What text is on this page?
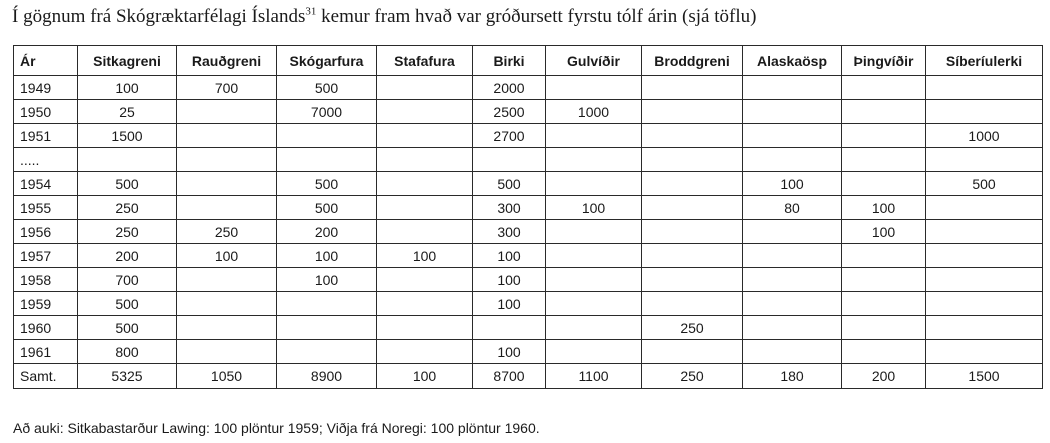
Í gögnum frá Skógræktarfélagi Íslands$^{31}$ kemur fram hvað var gróðursett fyrstu tólf árin (sjá töflu)
Ár	Sitkagreni	Rauðgreni	Skógarfura	Stafafura	Birki	Gulvíðir	Broddgreni	Alaskaösp	Þingvíðir	Síberíulerki
1949	100	700	500		2000					
1950	25		7000		2500	1000				
1951	1500				2700					1000
.....										
1954	500		500		500			100		500
1955	250		500		300	100		80	100	
1956	250	250	200		300				100	
1957	200	100	100	100	100					
1958	700		100		100					
1959	500				100					
1960	500						250			
1961	800				100					
Samt.	5325	1050	8900	100	8700	1100	250	180	200	1500
Að auki: Sitkabastarður Lawing: 100 plöntur 1959; Viðja frá Noregi: 100 plöntur 1960.
